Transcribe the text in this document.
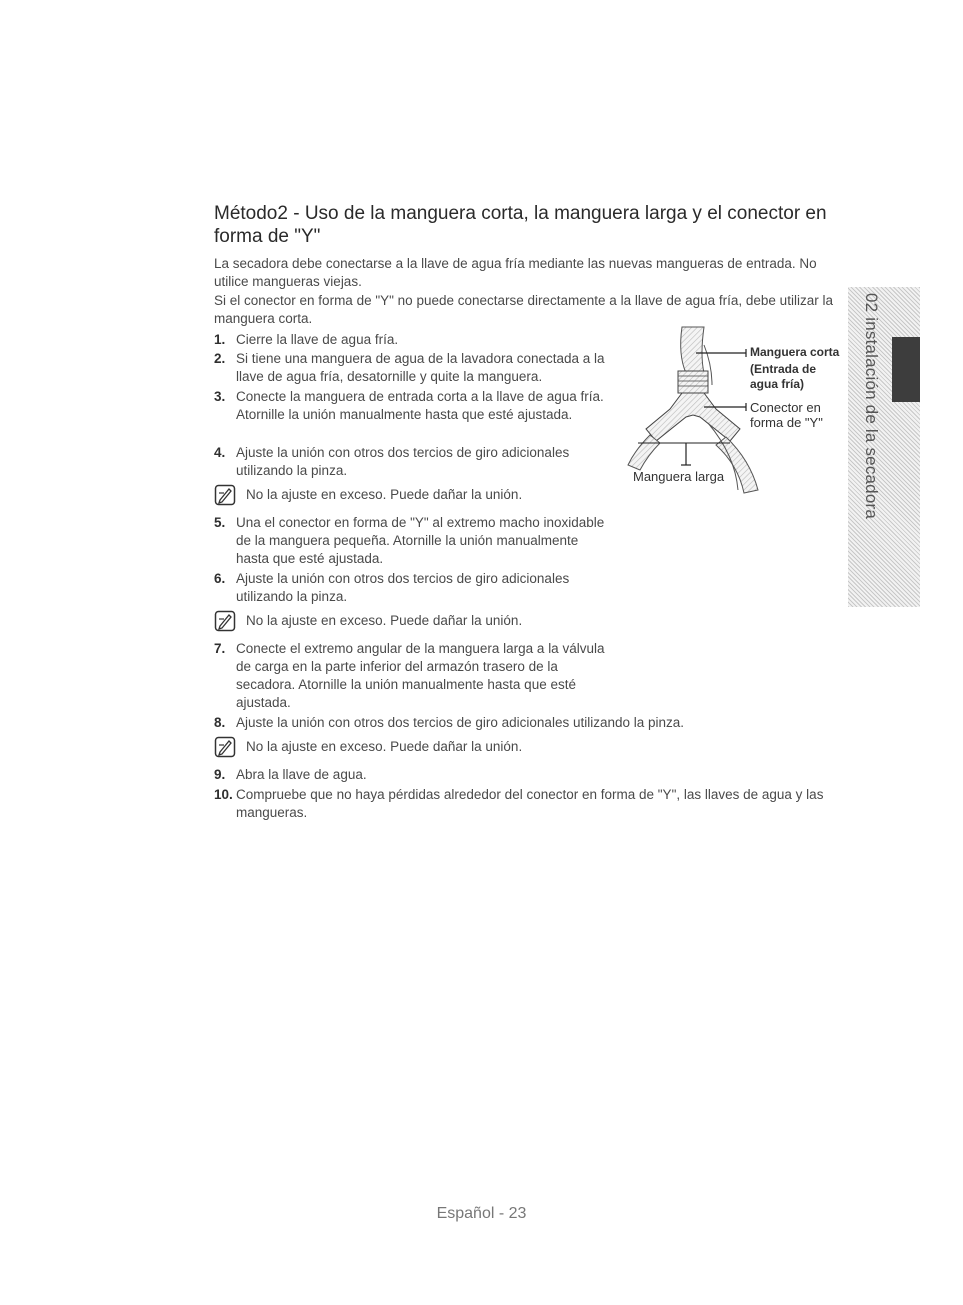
Método2 - Uso de la manguera corta, la manguera larga y el conector en forma de "Y"

La secadora debe conectarse a la llave de agua fría mediante las nuevas mangueras de entrada. No utilice mangueras viejas.

Si el conector en forma de "Y" no puede conectarse directamente a la llave de agua fría, debe utilizar la manguera corta.

1. Cierre la llave de agua fría.
2. Si tiene una manguera de agua de la lavadora conectada a la llave de agua fría, desatornille y quite la manguera.
3. Conecte la manguera de entrada corta a la llave de agua fría. Atornille la unión manualmente hasta que esté ajustada.
4. Ajuste la unión con otros dos tercios de giro adicionales utilizando la pinza.
No la ajuste en exceso. Puede dañar la unión.
5. Una el conector en forma de "Y" al extremo macho inoxidable de la manguera pequeña. Atornille la unión manualmente hasta que esté ajustada.
6. Ajuste la unión con otros dos tercios de giro adicionales utilizando la pinza.
No la ajuste en exceso. Puede dañar la unión.
7. Conecte el extremo angular de la manguera larga a la válvula de carga en la parte inferior del armazón trasero de la secadora. Atornille la unión manualmente hasta que esté ajustada.
8. Ajuste la unión con otros dos tercios de giro adicionales utilizando la pinza.
No la ajuste en exceso. Puede dañar la unión.
9. Abra la llave de agua.
10. Compruebe que no haya pérdidas alrededor del conector en forma de "Y", las llaves de agua y las mangueras.
Manguera corta
(Entrada de
agua fría)
Conector en
forma de "Y"
Manguera larga	02 instalación de la secadora
Español - 23
